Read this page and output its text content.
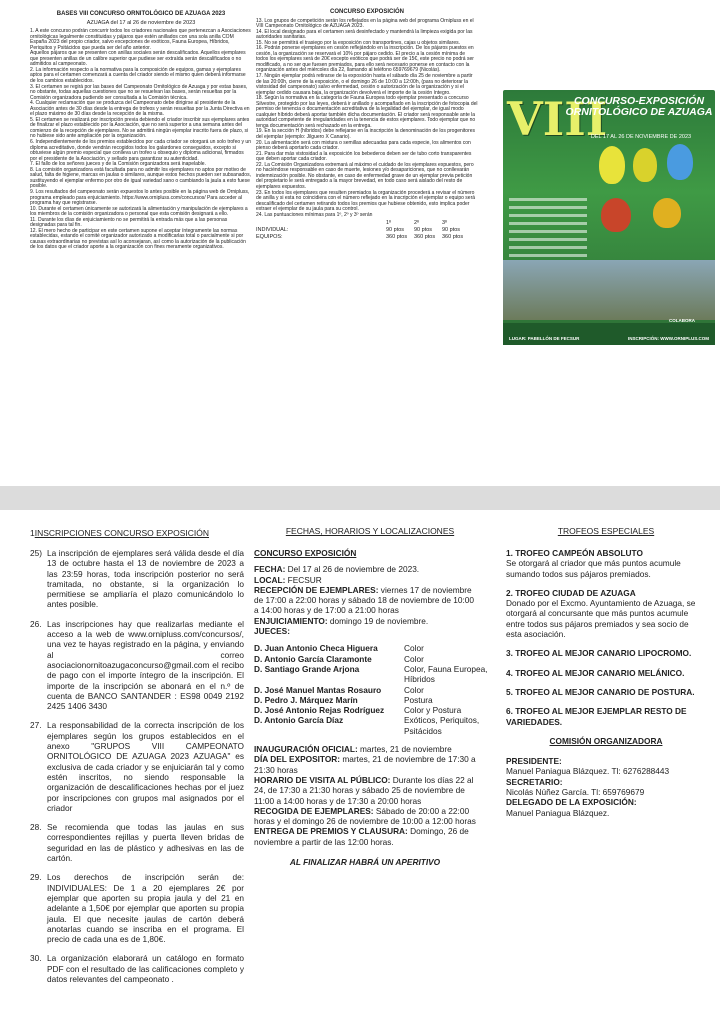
BASES VIII CONCURSO ORNITOLÓGICO DE AZUAGA 2023
AZUAGA del 17 al 26 de noviembre de 2023

1. A este concurso podrán concurrir todos los criadores nacionales que pertenezcan a Asociaciones ornitológicas legalmente constituidas y pájaros que estén anillados con una sola anilla COM España 2023 del propio criador, salvo excepciones de exóticos, Fauna Europea, Híbridos, Periquitos y Psitácidos que pueda ser del año anterior.

Aquellos pájaros que se presenten con anillas sociales serán descalificados. Aquellos ejemplares que presenten anillas de un calibre superior que pudiese ser extraída serán descalificados o no admitidos al campeonato.

2. La información respecto a la normativa para la composición de equipos, gamas y ejemplares aptos para el certamen comenzará a cuenta del criador siendo el mismo quien deberá informarse de los cambios establecidos.

3. El certamen se regirá por las bases del Campeonato Ornitológico de Azuaga y por estas bases, no obstante, todas aquellas cuestiones que no se resuelvan las bases, serán resueltas por la Comisión organizadora pudiendo ser consultada a la Comisión técnica.

4. Cualquier reclamación que se produzca del Campeonato debe dirigirse al presidente de la Asociación antes de 30 días desde la entrega de trofeos y serán resueltas por la Junta Directiva en el plazo máximo de 30 días desde la recepción de la misma.

5. El certamen se realizará por inscripción previa debiendo el criador inscribir sus ejemplares antes de finalizar el plazo establecido por la Asociación, que no será superior a una semana antes del comienzo de la recepción de ejemplares. No se admitirá ningún ejemplar inscrito fuera de plazo, si no hubiese sido ante ampliación por la organización.

6. Independientemente de los premios establecidos por cada criador se otorgará un solo trofeo y un diploma acreditativo, donde vendrán recogidos todos los galardones conseguidos, excepto si obtuviese algún premio especial que conlleva un trofeo u obsequio y diploma adicional, firmados por el presidente de la Asociación, y sellado para garantizar su autenticidad.

7. El fallo de los señores jueces y de la Comisión organizadora será inapelable.

8. La comisión organizadora está facultada para no admitir los ejemplares no aptos por motivo de salud, falta de higiene, marcas en jaulas o similares, aunque estos hechos pueden ser subsanados, sustituyendo el ejemplar enfermo por otro de igual variedad sano o cambiando la jaula a esto fuese posible.

9. Los resultados del campeonato serán expuestos lo antes posible en la página web de Ornipluss, programa empleado para enjuiciamiento. https://www.ornipluss.com/concursos/ Para acceder al programa hay que registrarse.

10. Durante el certamen únicamente se autorizará la alimentación y manipulación de ejemplares a los miembros de la comisión organizadora o personal que esta comisión designará a ello.

11. Durante los días de enjuiciamiento no se permitirá la entrada más que a las personas designadas para tal fin.

12. El mero hecho de participar en este certamen supone el aceptar íntegramente las normas establecidas, estando el comité organizador autorizado a modificarlas total o parcialmente si por causas extraordinarias no previstas así lo aconsejaran, así como la autorización de la publicación de los datos que el criador aporte a la organización con fines meramente organizativos.

CONCURSO EXPOSICIÓN

13. Los grupos de competición serán los reflejados en la página web del programa Ornipluss en el VIII Campeonato Ornitológico de AZUAGA 2023.

14. El local designado para el certamen será desinfectado y mantendrá la limpieza exigida por las autoridades sanitarias.

15. No se permitirá el trasiego por la exposición con transportines, cajas u objetos similares.

16. Podrán ponerse ejemplares en cesión reflejándolo en la inscripción. De los pájaros puestos en cesión, la organización se reservará el 10% por pájaro cedido. El precio a la cesión mínima de todos los ejemplares será de 20€ excepto exóticos que podrá ser de 15€, este precio no podrá ser modificado, a no ser que fuesen premiados, para ello será necesario ponerse en contacto con la organización antes del miércoles día 22, llamando al teléfono 659769679 (Nicolás).

17. Ningún ejemplar podrá retirarse de la exposición hasta el sábado día 25 de noviembre a partir de las 20:00h, cierre de la exposición, o el domingo 26 de 10:00 a 12:00h, (para no deteriorar la vistosidad del campeonato) salvo enfermedad, cesión o autorización de la organización y si el ejemplar cedido causara baja, la organización devolverá el importe de la cesión íntegro.

18. Según la normativa en la categoría de Fauna Europea todo ejemplar presentado a concurso Silvestre, protegido por las leyes, deberá ir anillado y acompañado en la inscripción de fotocopia del permiso de tenencia o documentación acreditativa de la legalidad del ejemplar, de igual modo cualquier híbrido deberá aportar también dicha documentación. El criador será responsable ante la autoridad competente de irregularidades en la tenencia de estos ejemplares. Todo ejemplar que no tenga documentación será rechazado en la entrega.

19. En la sección H (híbridos) debe reflejarse en la inscripción la denominación de los progenitores del ejemplar (ejemplo: Jilguero X Canario).

20. La alimentación será con mixtura o semillas adecuadas para cada especie, los alimentos con pienso deberá aportarlo cada criador.

21. Para dar más vistosidad a la exposición los bebederos deben ser de tubo corto transparentes que deben aportar cada criador.

22. La Comisión Organizadora extremará al máximo el cuidado de los ejemplares expuestos, pero no haciéndose responsable en caso de muerte, lesiones y/o desapariciones, que no conllevarán indemnización posible. No obstante, en caso de enfermedad grave de un ejemplar previa petición del propietario le será entregado a la mayor brevedad, en todo caso será aislado del resto de ejemplares expuestos.

23. En todos los ejemplares que resulten premiados la organización procederá a revisar el número de anilla y si esta no coincidiera con el número reflejado en la inscripción el ejemplar o equipo será descalificado del certamen retirando todos los premios que hubiese obtenido, esto implica poder extraer el ejemplar de su jaula para su control.

24. Las puntuaciones mínimas para 1º, 2º y 3º serán

1º	2º	3º
INDIVIDUAL:	90 ptos	90 ptos	90 ptos
EQUIPOS:	360 ptos	360 ptos	360 ptos
VIII
CONCURSO-EXPOSICIÓN ORNITOLÓGICO DE AZUAGA
DEL 17 AL 26 DE NOVIEMBRE DE 2023
COLABORA
LUGAR: PABELLÓN DE FECSUR	INSCRIPCIÓN: WWW.ORNIPLUS.COM
1INSCRIPCIONES CONCURSO EXPOSICIÓN
25) La inscripción de ejemplares será válida desde el día 13 de octubre hasta el 13 de noviembre de 2023 a las 23:59 horas, toda inscripción posterior no será tramitada, no obstante, si la organización lo permitiese se ampliaría el plazo comunicándolo lo antes posible.
26. Las inscripciones hay que realizarlas mediante el acceso a la web de www.ornipluss.com/concursos/, una vez te hayas registrado en la página, y enviando al correo asociacionornitoazugaconcurso@gmail.com el recibo de pago con el importe íntegro de la inscripción. El importe de la inscripción se abonará en el n.º de cuenta de BANCO SANTANDER : ES98 0049 2192 2425 1406 3430
27. La responsabilidad de la correcta inscripción de los ejemplares según los grupos establecidos en el anexo "GRUPOS VIII CAMPEONATO ORNITOLÓGICO DE AZUAGA 2023 AZUAGA" es exclusiva de cada criador y se enjuiciarán tal y como estén inscritos, no siendo responsable la organización de descalificaciones hechas por el juez por inscripciones con grupos mal asignados por el criador
28. Se recomienda que todas las jaulas en sus correspondientes rejillas y puerta lleven bridas de seguridad en las de plástico y adhesivas en las de cartón.
29. Los derechos de inscripción serán de: INDIVIDUALES: De 1 a 20 ejemplares 2€ por ejemplar que aporten su propia jaula y del 21 en adelante a 1,50€ por ejemplar que aporten su propia jaula. El que necesite jaulas de cartón deberá anotarlas cuando se inscriba en el programa. El precio de cada una es de 1,80€.
30. La organización elaborará un catálogo en formato PDF con el resultado de las calificaciones completo y datos relevantes del campeonato .
FECHAS, HORARIOS Y LOCALIZACIONES

CONCURSO EXPOSICIÓN

FECHA: Del 17 al 26 de noviembre de 2023.

LOCAL: FECSUR

RECEPCIÓN DE EJEMPLARES: viernes 17 de noviembre de 17:00 a 22:00 horas y sábado 18 de noviembre de 10:00 a 14:00 horas y de 17:00 a 21:00 horas

ENJUICIAMIENTO: domingo 19 de noviembre.

JUECES:

D. Juan Antonio Checa Higuera	Color
D. Antonio García Claramonte	Color
D. Santiago Grande Arjona	Color, Fauna Europea, Híbridos
D. José Manuel Mantas Rosauro	Color
D. Pedro J. Márquez Marín	Postura
D. José Antonio Rejas Rodríguez	Color y Postura
D. Antonio García Díaz	Exóticos, Periquitos, Psitácidos

INAUGURACIÓN OFICIAL: martes, 21 de noviembre

DÍA DEL EXPOSITOR: martes, 21 de noviembre de 17:30 a 21:30 horas

HORARIO DE VISITA AL PÚBLICO: Durante los días 22 al 24, de 17:30 a 21:30 horas y sábado 25 de noviembre de 11:00 a 14:00 horas y de 17:30 a 20:00 horas

RECOGIDA DE EJEMPLARES: Sábado de 20:00 a 22:00 horas y el domingo 26 de noviembre de 10:00 a 12:00 horas

ENTREGA DE PREMIOS Y CLAUSURA: Domingo, 26 de noviembre a partir de las 12:00 horas.

AL FINALIZAR HABRÁ UN APERITIVO

TROFEOS ESPECIALES

1. TROFEO CAMPEÓN ABSOLUTO

Se otorgará al criador que más puntos acumule sumando todos sus pájaros premiados.

2. TROFEO CIUDAD DE AZUAGA

Donado por el Excmo. Ayuntamiento de Azuaga, se otorgará al concursante que más puntos acumule entre todos sus pájaros premiados y sea socio de esta asociación.

3. TROFEO AL MEJOR CANARIO LIPOCROMO.

4. TROFEO AL MEJOR CANARIO MELÁNICO.

5. TROFEO AL MEJOR CANARIO DE POSTURA.

6. TROFEO AL MEJOR EJEMPLAR RESTO DE VARIEDADES.

COMISIÓN ORGANIZADORA

PRESIDENTE:

Manuel Paniagua Blázquez. Tl: 6276288443

SECRETARIO:

Nicolás Núñez García. Tl: 659769679

DELEGADO DE LA EXPOSICIÓN:

Manuel Paniagua Blázquez.
